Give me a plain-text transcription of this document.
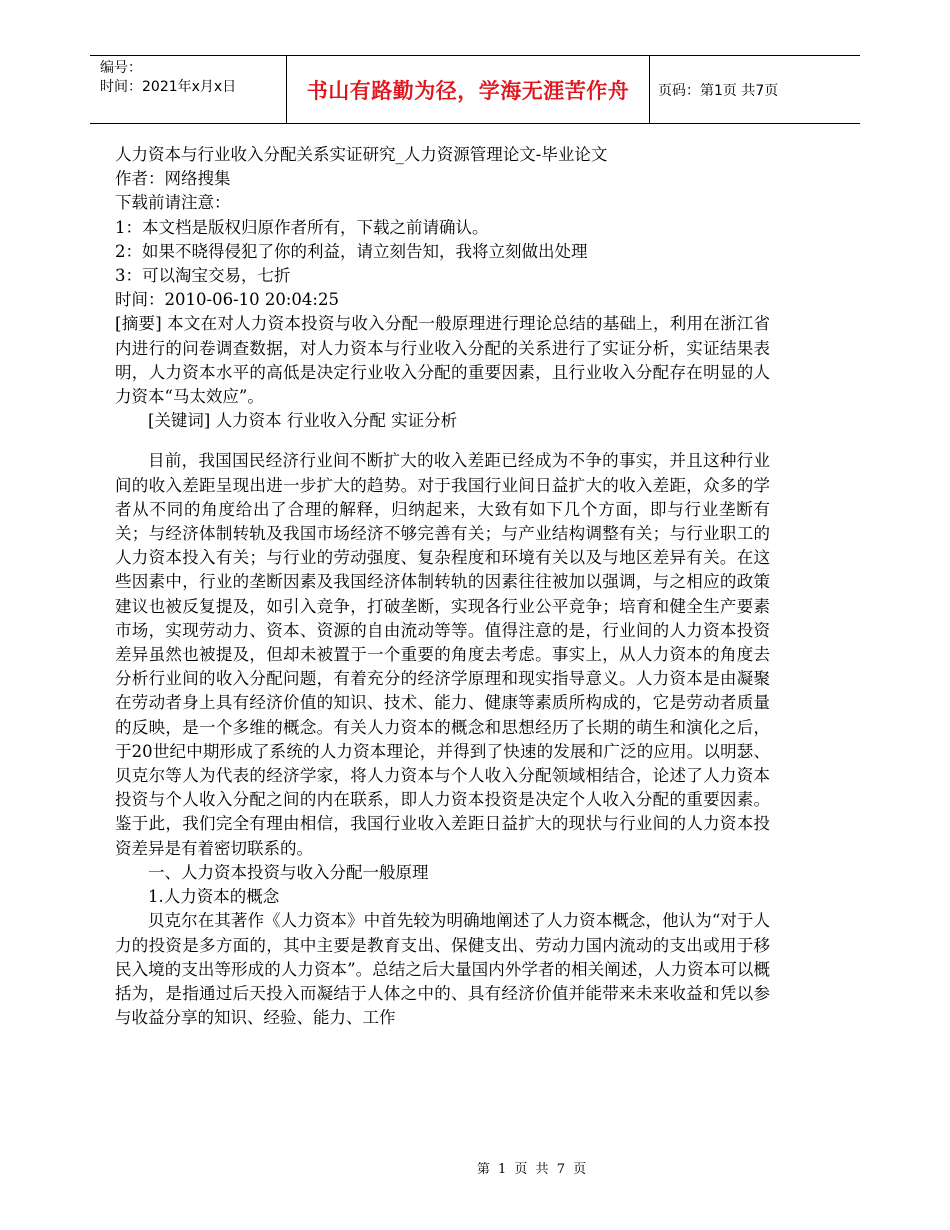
编号：
时间：2021年x月x日	书山有路勤为径，学海无涯苦作舟 页码：第1页 共7页
人力资本与行业收入分配关系实证研究_人力资源管理论文-毕业论文
作者：网络搜集
下载前请注意：
1：本文档是版权归原作者所有，下载之前请确认。
2：如果不晓得侵犯了你的利益，请立刻告知，我将立刻做出处理
3：可以淘宝交易，七折
时间：2010-06-10 20:04:25
[摘要] 本文在对人力资本投资与收入分配一般原理进行理论总结的基础上，利用在浙江省内进行的问卷调查数据，对人力资本与行业收入分配的关系进行了实证分析，实证结果表明，人力资本水平的高低是决定行业收入分配的重要因素，且行业收入分配存在明显的人力资本“马太效应”。
[关键词] 人力资本 行业收入分配 实证分析
目前，我国国民经济行业间不断扩大的收入差距已经成为不争的事实，并且这种行业间的收入差距呈现出进一步扩大的趋势。对于我国行业间日益扩大的收入差距，众多的学者从不同的角度给出了合理的解释，归纳起来，大致有如下几个方面，即与行业垄断有关；与经济体制转轨及我国市场经济不够完善有关；与产业结构调整有关；与行业职工的人力资本投入有关；与行业的劳动强度、复杂程度和环境有关以及与地区差异有关。在这些因素中，行业的垄断因素及我国经济体制转轨的因素往往被加以强调，与之相应的政策建议也被反复提及，如引入竞争，打破垄断，实现各行业公平竞争；培育和健全生产要素市场，实现劳动力、资本、资源的自由流动等等。值得注意的是，行业间的人力资本投资差异虽然也被提及，但却未被置于一个重要的角度去考虑。事实上，从人力资本的角度去分析行业间的收入分配问题，有着充分的经济学原理和现实指导意义。人力资本是由凝聚在劳动者身上具有经济价值的知识、技术、能力、健康等素质所构成的，它是劳动者质量的反映，是一个多维的概念。有关人力资本的概念和思想经历了长期的萌生和演化之后，于20世纪中期形成了系统的人力资本理论，并得到了快速的发展和广泛的应用。以明瑟、贝克尔等人为代表的经济学家，将人力资本与个人收入分配领域相结合，论述了人力资本投资与个人收入分配之间的内在联系，即人力资本投资是决定个人收入分配的重要因素。鉴于此，我们完全有理由相信，我国行业收入差距日益扩大的现状与行业间的人力资本投资差异是有着密切联系的。
一、人力资本投资与收入分配一般原理
1.人力资本的概念
贝克尔在其著作《人力资本》中首先较为明确地阐述了人力资本概念，他认为“对于人力的投资是多方面的，其中主要是教育支出、保健支出、劳动力国内流动的支出或用于移民入境的支出等形成的人力资本”。总结之后大量国内外学者的相关阐述，人力资本可以概括为，是指通过后天投入而凝结于人体之中的、具有经济价值并能带来未来收益和凭以参与收益分享的知识、经验、能力、工作
第 1 页 共 7 页
